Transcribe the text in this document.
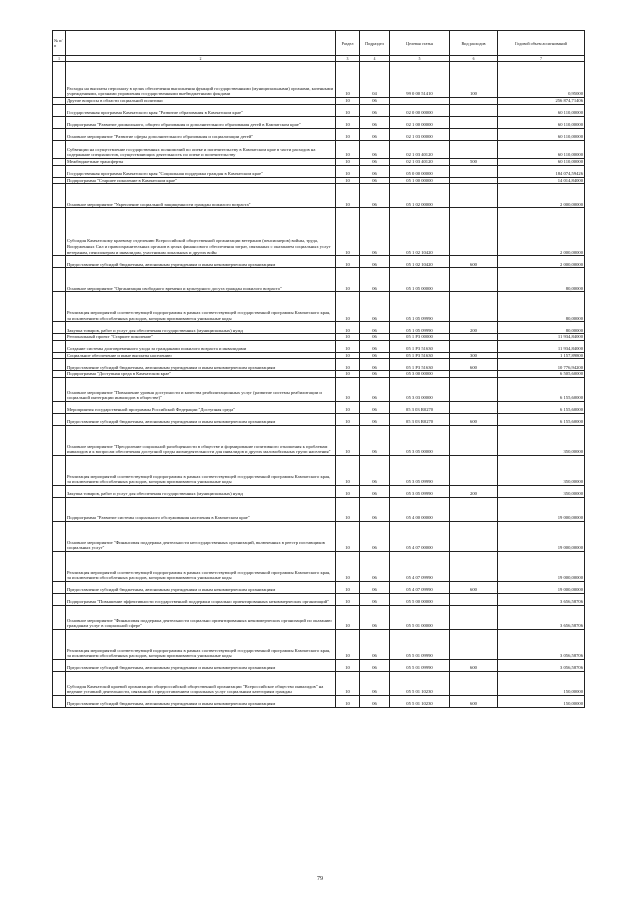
№ п/п		Раздел	Подраздел	Целевая статья	Вид расходов	Годовой объем ассигнований
1	2	3	4	5	6	7
	Расходы на выплаты персоналу в целях обеспечения выполнения функций государственными (муниципальными) органами, казенными учреждениями, органами управления государственными внебюджетными фондами	10	04	99 0 00 51410	100	0,95000
	Другие вопросы в области социальной политики	10	06			256 874,71406
	Государственная программа Камчатского края "Развитие образования в Камчатском крае"	10	06	02 0 00 00000		60 110,00000
	Подпрограмма "Развитие дошкольного, общего образования и дополнительного образования детей в Камчатском крае"	10	06	02 1 00 00000		60 110,00000
	Основное мероприятие "Развитие сферы дополнительного образования и социализации детей"	10	06	02 1 03 00000		60 110,00000
	Субвенции на осуществление государственных полномочий по опеке и попечительству в Камчатском крае в части расходов на содержание специалистов, осуществляющих деятельность по опеке и попечительству	10	06	02 1 03 40120		60 110,00000
	Межбюджетные трансферты	10	06	02 1 03 40120	500	60 110,00000
	Государственная программа Камчатского края "Социальная поддержка граждан в Камчатском крае"	10	06	05 0 00 00000		184 074,59426
	Подпрограмма "Старшее поколение в Камчатском крае"	10	06	05 1 00 00000		14 014,84000
	Основное мероприятие "Укрепление социальной защищенности граждан пожилого возраста"	10	06	05 1 02 00000		2 000,00000
	Субсидия Камчатскому краевому отделению Всероссийской общественной организации ветеранов (пенсионеров) войны, труда, Вооруженных Сил и правоохранительных органов в целях финансового обеспечения затрат, связанных с оказанием социальных услуг ветеранам, пенсионерам и инвалидам, участникам локальных и других войн	10	06	05 1 02 10420		2 000,00000
	Предоставление субсидий бюджетным, автономным учреждениям и иным некоммерческим организациям	10	06	05 1 02 10420	600	2 000,00000
	Основное мероприятие "Организация свободного времени и культурного досуга граждан пожилого возраста"	10	06	05 1 05 00000		80,00000
	Реализация мероприятий соответствующей подпрограммы в рамках соответствующей государственной программы Камчатского края, за исключением обособленных расходов, которым присваиваются уникальные коды	10	06	05 1 05 09990		80,00000
	Закупка товаров, работ и услуг для обеспечения государственных (муниципальных) нужд	10	06	05 1 05 09990	200	80,00000
	Региональный проект "Старшее поколение"	10	06	05 1 P3 00000		11 934,84000
	Создание системы долговременного ухода за гражданами пожилого возраста и инвалидами	10	06	05 1 P3 51630		11 934,84000
	Социальное обеспечение и иные выплаты населению	10	06	05 1 P3 51630	300	1 157,89800
	Предоставление субсидий бюджетным, автономным учреждениям и иным некоммерческим организациям	10	06	05 1 P3 51630	600	10 776,94200
	Подпрограмма "Доступная среда в Камчатском крае"	10	06	05 3 00 00000		6 505,60000
	Основное мероприятие "Повышение уровня доступности и качества реабилитационных услуг (развитие системы реабилитации и социальной интеграции инвалидов в обществе)"	10	06	05 3 03 00000		6 155,60000
	Мероприятия государственной программы Российской Федерации "Доступная среда"	10	06	05 3 03 R0270		6 155,60000
	Предоставление субсидий бюджетным, автономным учреждениям и иным некоммерческим организациям	10	06	05 3 03 R0270	600	6 155,60000
	Основное мероприятие "Преодоление социальной разобщенности в обществе и формирование позитивного отношения к проблемам инвалидов и к вопросам обеспечения доступной среды жизнедеятельности для инвалидов и других маломобильных групп населения"	10	06	05 3 05 00000		350,00000
	Реализация мероприятий соответствующей подпрограммы в рамках соответствующей государственной программы Камчатского края, за исключением обособленных расходов, которым присваиваются уникальные коды	10	06	05 3 05 09990		350,00000
	Закупка товаров, работ и услуг для обеспечения государственных (муниципальных) нужд	10	06	05 3 05 09990	200	350,00000
	Подпрограмма "Развитие системы социального обслуживания населения в Камчатском крае"	10	06	05 4 00 00000		19 000,00000
	Основное мероприятие "Финансовая поддержка деятельности негосударственных организаций, включенных в реестр поставщиков социальных услуг"	10	06	05 4 07 00000		19 000,00000
	Реализация мероприятий соответствующей подпрограммы в рамках соответствующей государственной программы Камчатского края, за исключением обособленных расходов, которым присваиваются уникальные коды	10	06	05 4 07 09990		19 000,00000
	Предоставление субсидий бюджетным, автономным учреждениям и иным некоммерческим организациям	10	06	05 4 07 09990	600	19 000,00000
	Подпрограмма "Повышение эффективности государственной поддержки социально ориентированных некоммерческих организаций"	10	06	05 5 00 00000		3 656,58706
	Основное мероприятие "Финансовая поддержка деятельности социально ориентированных некоммерческих организаций по оказанию гражданам услуг в социальной сфере"	10	06	05 5 01 00000		3 656,58706
	Реализация мероприятий соответствующей подпрограммы в рамках соответствующей государственной программы Камчатского края, за исключением обособленных расходов, которым присваиваются уникальные коды	10	06	05 5 01 09990		3 056,58706
	Предоставление субсидий бюджетным, автономным учреждениям и иным некоммерческим организациям	10	06	05 5 01 09990	600	3 056,58706
	Субсидия Камчатской краевой организации общероссийской общественной организации "Всероссийское общество инвалидов" на ведение уставной деятельности, связанной с предоставлением социальных услуг социальным категориям граждан	10	06	05 5 01 10230		150,00000
	Предоставление субсидий бюджетным, автономным учреждениям и иным некоммерческим организациям	10	06	05 5 01 10230	600	150,00000
79
